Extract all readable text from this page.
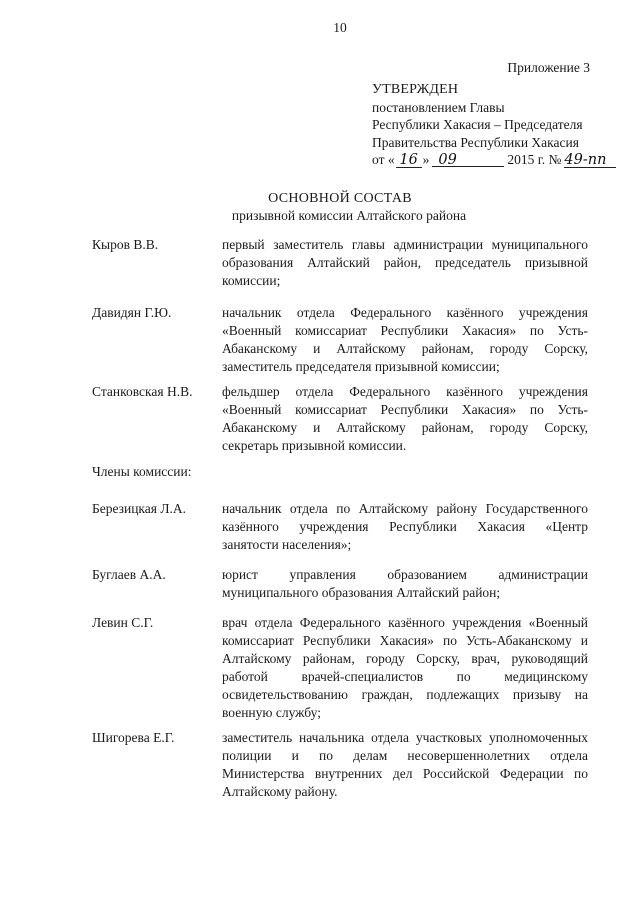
10
Приложение 3
УТВЕРЖДЕН
постановлением Главы
Республики Хакасия – Председателя
Правительства Республики Хакасия
от « 16 » 09	2015 г. № 49-пп
ОСНОВНОЙ СОСТАВ
призывной комиссии Алтайского района
Кыров В.В.	первый заместитель главы администрации муниципального
образования Алтайский район, председатель призывной
комиссии;
Давидян Г.Ю.	начальник отдела Федерального казённого учреждения
«Военный комиссариат Республики Хакасия» по Усть-
Абаканскому и Алтайскому районам, городу Сорску,
заместитель председателя призывной комиссии;
Станковская Н.В. фельдшер отдела Федерального казённого учреждения
«Военный комиссариат Республики Хакасия» по Усть-
Абаканскому и Алтайскому районам, городу Сорску,
секретарь призывной комиссии.
Члены комиссии:
Березицкая Л.А.	начальник отдела по Алтайскому району Государственного
казённого учреждения Республики Хакасия «Центр
занятости населения»;
Буглаев А.А.	юрист управления образованием администрации
муниципального образования Алтайский район;
Левин С.Г.	врач отдела Федерального казённого учреждения «Военный
комиссариат Республики Хакасия» по Усть-Абаканскому и
Алтайскому районам, городу Сорску, врач, руководящий
работой врачей-специалистов по медицинскому
освидетельствованию граждан, подлежащих призыву на
военную службу;
Шигорева Е.Г.	заместитель начальника отдела участковых уполномоченных
полиции и по делам несовершеннолетних отдела
Министерства внутренних дел Российской Федерации по
Алтайскому району.
